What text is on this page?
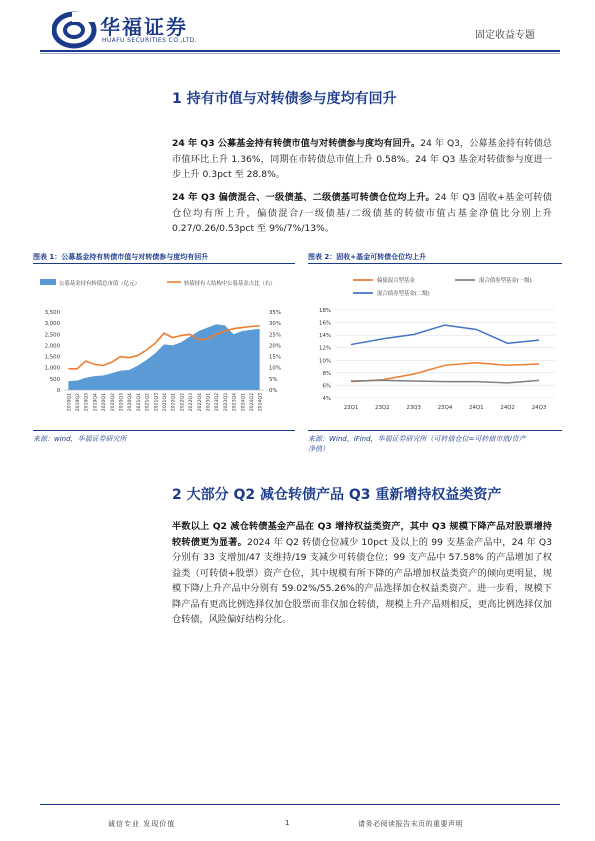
华福证券
HUAFU SECURITIES CO.,LTD.	固定收益专题
1 持有市值与对转债参与度均有回升
24 年 Q3 公募基金持有转债市值与对转债参与度均有回升。24 年 Q3，公募基金持有转债总市值环比上升 1.36%，同期在市转债总市值上升 0.58%。24 年 Q3 基金对转债参与度进一步上升 0.3pct 至 28.8%。
24 年 Q3 偏债混合、一级债基、二级债基可转债仓位均上升。24 年 Q3 固收+基金可转债仓位均有所上升，偏债混合/一级债基/二级债基的转债市值占基金净值比分别上升 0.27/0.26/0.53pct 至 9%/7%/13%。
图表 1：公募基金持有转债市值与对转债参与度均有回升
公募基金持有转债总市值（亿元）	转债持有人结构中公募基金占比（右）
0
500
1,000
1,500
2,000
2,500
3,000
3,500
0%
5%
10%
15%
20%
25%
30%
35%
2019Q1 2019Q2 2019Q3 2019Q4 2020Q1 2020Q2 2020Q3 2020Q4 2021Q1 2021Q2 2021Q3 2021Q4 2022Q1 2022Q2 2022Q3 2022Q4 2023Q1 2023Q2 2023Q3 2023Q4 2024Q1 2024Q2 2024Q3
来源：wind，华福证券研究所
图表 2：固收+基金可转债仓位均上升
偏债混合型基金	混合债券型基金(一级)
混合债券型基金(二级)
4%
6%
8%
10%
12%
14%
16%
18%
23Q1	23Q2	23Q3	23Q4	24Q1	24Q2	24Q3
来源：Wind，iFind，华福证券研究所（可转债仓位=可转债市值/资产
净值）
2 大部分 Q2 减仓转债产品 Q3 重新增持权益类资产
半数以上 Q2 减仓转债基金产品在 Q3 增持权益类资产，其中 Q3 规模下降产品对股票增持较转债更为显著。2024 年 Q2 转债仓位减少 10pct 及以上的 99 支基金产品中，24 年 Q3 分别有 33 支增加/47 支维持/19 支减少可转债仓位；99 支产品中 57.58% 的产品增加了权益类（可转债+股票）资产仓位，其中规模有所下降的产品增加权益类资产的倾向更明显，规模下降/上升产品中分别有 59.02%/55.26%的产品选择加仓权益类资产。进一步看，规模下降产品有更高比例选择仅加仓股票而非仅加仓转债，规模上升产品则相反，更高比例选择仅加仓转债，风险偏好结构分化。
诚信专业 发现价值	1	请务必阅读报告末页的重要声明
